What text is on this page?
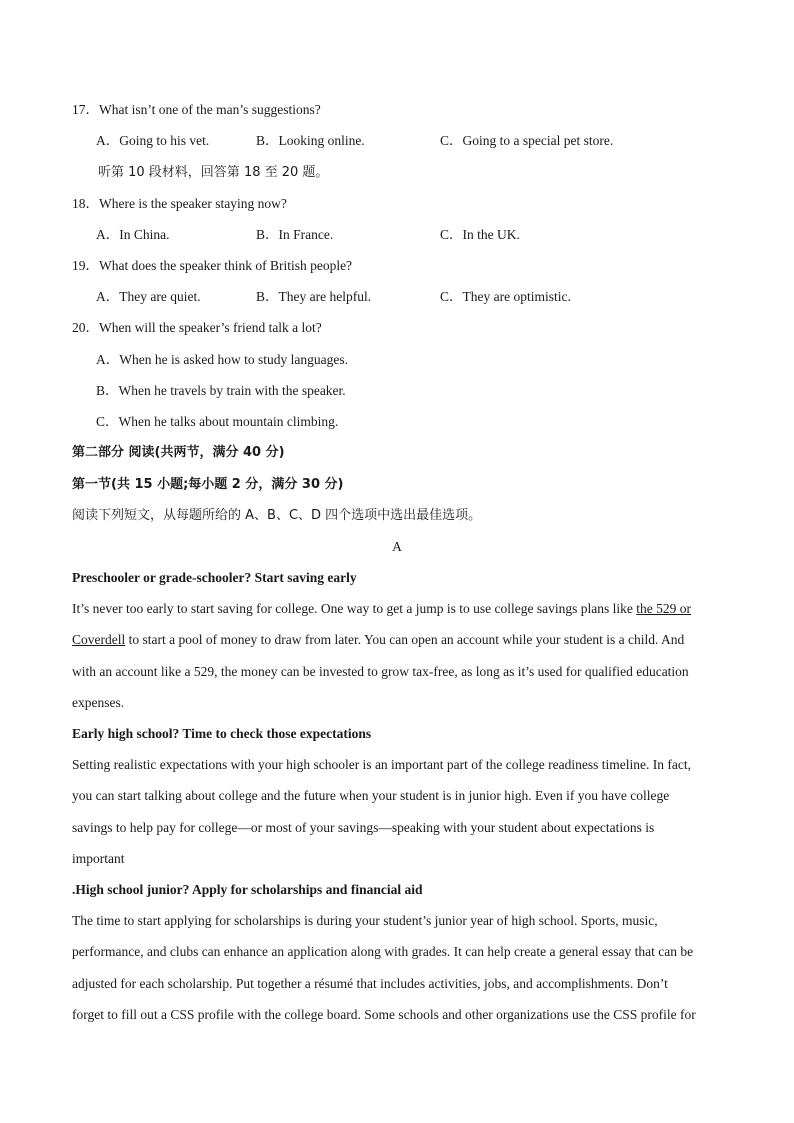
17．What isn’t one of the man’s suggestions?
A．Going to his vet.	B．Looking online.	C．Going to a special pet store.
听第 10 段材料，回答第 18 至 20 题。
18．Where is the speaker staying now?
A．In China.	B．In France.	C．In the UK.
19．What does the speaker think of British people?
A．They are quiet.	B．They are helpful.	C．They are optimistic.
20．When will the speaker’s friend talk a lot?
A．When he is asked how to study languages.
B．When he travels by train with the speaker.
C．When he talks about mountain climbing.
第二部分 阅读(共两节，满分 40 分)
第一节(共 15 小题;每小题 2 分，满分 30 分)
阅读下列短文，从每题所给的 A、B、C、D 四个选项中选出最佳选项。
A
Preschooler or grade-schooler? Start saving early
It’s never too early to start saving for college. One way to get a jump is to use college savings plans like the 529 or
Coverdell to start a pool of money to draw from later. You can open an account while your student is a child. And
with an account like a 529, the money can be invested to grow tax-free, as long as it’s used for qualified education
expenses.
Early high school? Time to check those expectations
Setting realistic expectations with your high schooler is an important part of the college readiness timeline. In fact,
you can start talking about college and the future when your student is in junior high. Even if you have college
savings to help pay for college—or most of your savings—speaking with your student about expectations is
important
.High school junior? Apply for scholarships and financial aid
The time to start applying for scholarships is during your student’s junior year of high school. Sports, music,
performance, and clubs can enhance an application along with grades. It can help create a general essay that can be
adjusted for each scholarship. Put together a résumé that includes activities, jobs, and accomplishments. Don’t
forget to fill out a CSS profile with the college board. Some schools and other organizations use the CSS profile for
